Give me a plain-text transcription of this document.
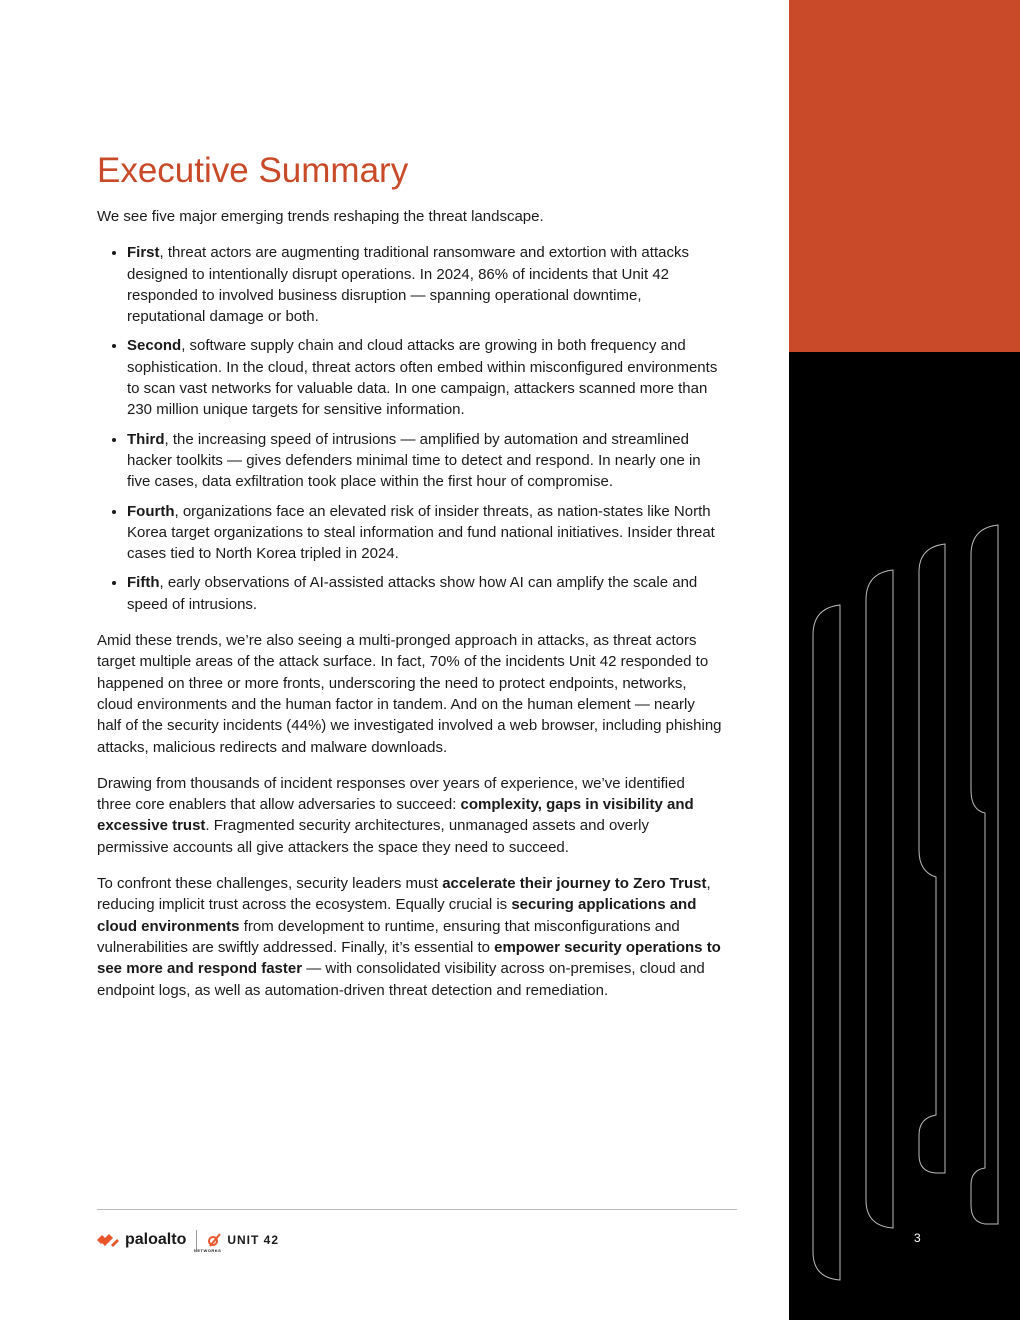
3
Executive Summary

We see five major emerging trends reshaping the threat landscape.

• First, threat actors are augmenting traditional ransomware and extortion with attacks designed to intentionally disrupt operations. In 2024, 86% of incidents that Unit 42 responded to involved business disruption — spanning operational downtime, reputational damage or both.
• Second, software supply chain and cloud attacks are growing in both frequency and sophistication. In the cloud, threat actors often embed within misconfigured environments to scan vast networks for valuable data. In one campaign, attackers scanned more than 230 million unique targets for sensitive information.
• Third, the increasing speed of intrusions — amplified by automation and streamlined hacker toolkits — gives defenders minimal time to detect and respond. In nearly one in five cases, data exfiltration took place within the first hour of compromise.
• Fourth, organizations face an elevated risk of insider threats, as nation-states like North Korea target organizations to steal information and fund national initiatives. Insider threat cases tied to North Korea tripled in 2024.
• Fifth, early observations of AI-assisted attacks show how AI can amplify the scale and speed of intrusions.

Amid these trends, we’re also seeing a multi-pronged approach in attacks, as threat actors target multiple areas of the attack surface. In fact, 70% of the incidents Unit 42 responded to happened on three or more fronts, underscoring the need to protect endpoints, networks, cloud environments and the human factor in tandem. And on the human element — nearly half of the security incidents (44%) we investigated involved a web browser, including phishing attacks, malicious redirects and malware downloads.

Drawing from thousands of incident responses over years of experience, we’ve identified three core enablers that allow adversaries to succeed: complexity, gaps in visibility and excessive trust. Fragmented security architectures, unmanaged assets and overly permissive accounts all give attackers the space they need to succeed.

To confront these challenges, security leaders must accelerate their journey to Zero Trust, reducing implicit trust across the ecosystem. Equally crucial is securing applications and cloud environments from development to runtime, ensuring that misconfigurations and vulnerabilities are swiftly addressed. Finally, it’s essential to empower security operations to see more and respond faster — with consolidated visibility across on-premises, cloud and endpoint logs, as well as automation-driven threat detection and remediation.

paloalto
NETWORKS
UNIT 42
